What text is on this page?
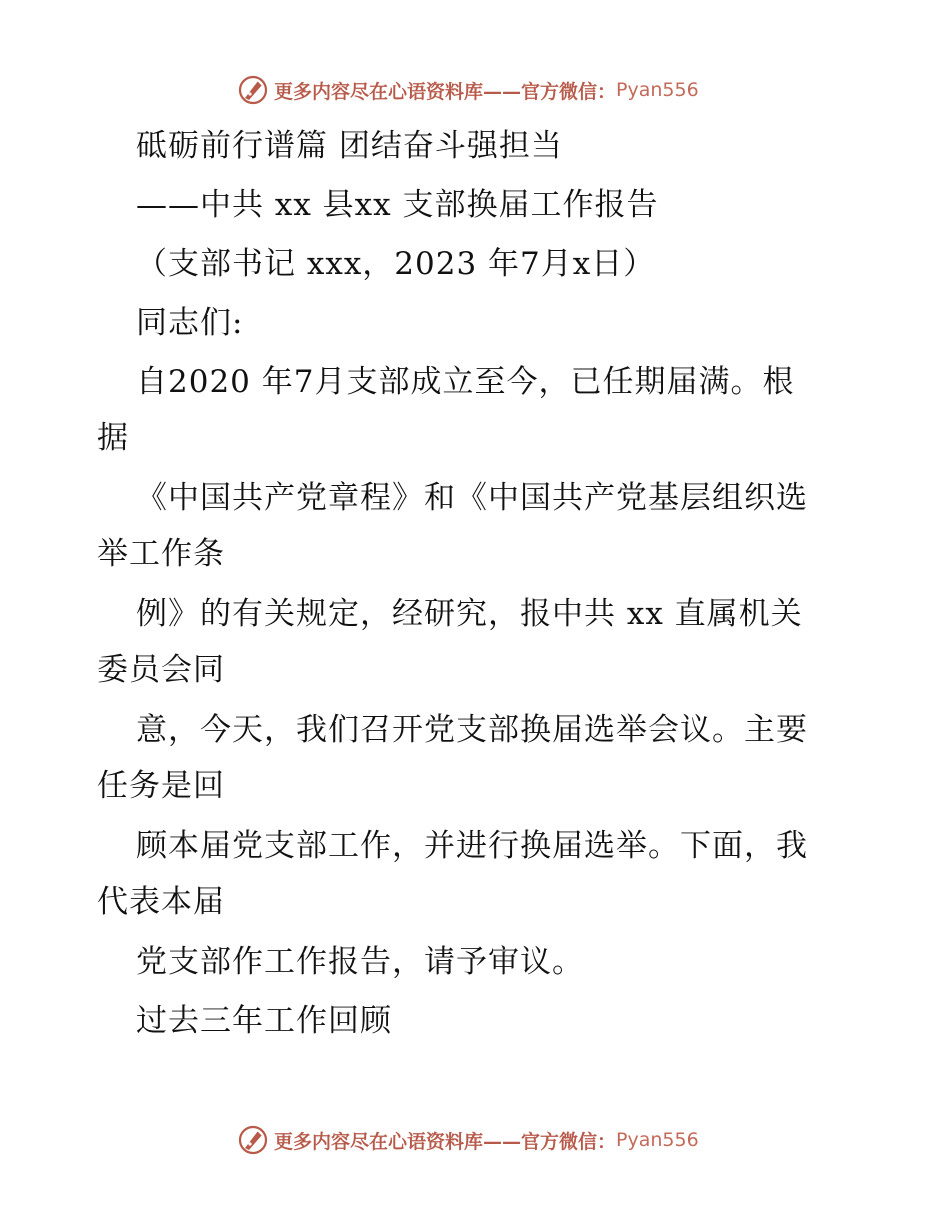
更多内容尽在心语资料库——官方微信： Pyan556
砥砺前行谱篇 团结奋斗强担当
——中共 xx 县xx 支部换届工作报告
（支部书记 xxx，2023 年7月x日）
同志们:
自2020 年7月支部成立至今，已任期届满。根
据
《中国共产党章程》和《中国共产党基层组织选
举工作条
例》的有关规定，经研究，报中共 xx 直属机关
委员会同
意，今天，我们召开党支部换届选举会议。主要
任务是回
顾本届党支部工作，并进行换届选举。下面，我
代表本届
党支部作工作报告，请予审议。
过去三年工作回顾
更多内容尽在心语资料库——官方微信： Pyan556
